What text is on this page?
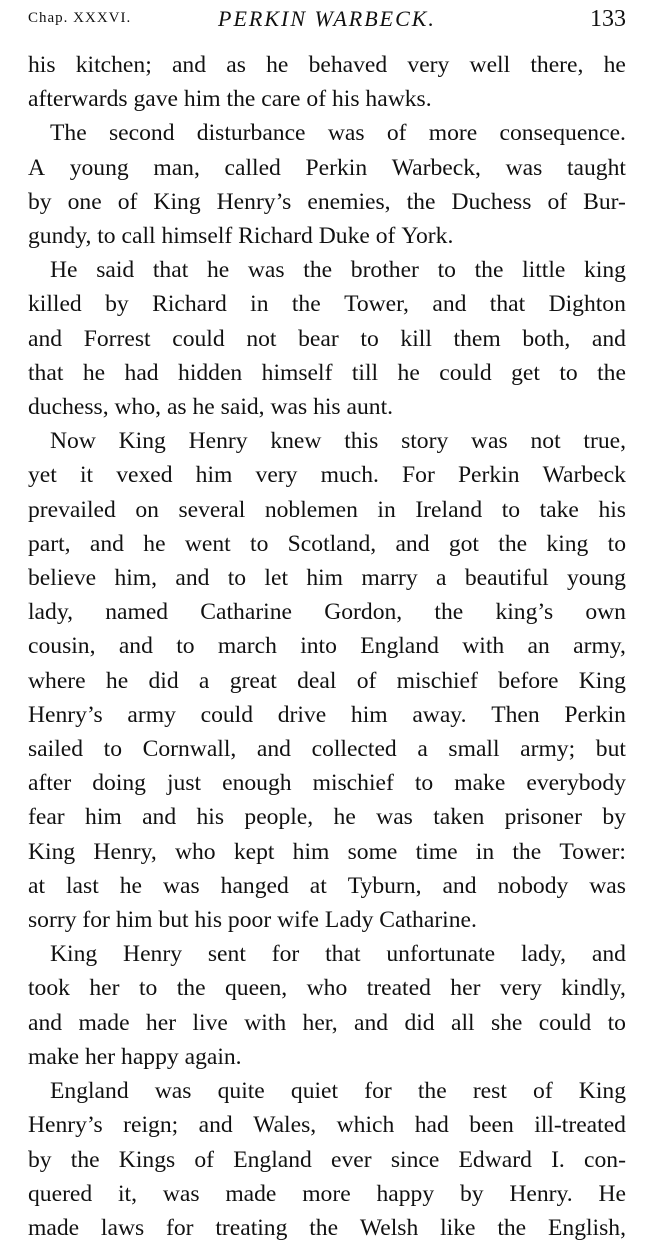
Chap. XXXVI.	PERKIN WARBECK.	133
his kitchen; and as he behaved very well there, he
afterwards gave him the care of his hawks.
The second disturbance was of more consequence.
A young man, called Perkin Warbeck, was taught
by one of King Henry’s enemies, the Duchess of Bur-
gundy, to call himself Richard Duke of York.
He said that he was the brother to the little king
killed by Richard in the Tower, and that Dighton
and Forrest could not bear to kill them both, and
that he had hidden himself till he could get to the
duchess, who, as he said, was his aunt.
Now King Henry knew this story was not true,
yet it vexed him very much. For Perkin Warbeck
prevailed on several noblemen in Ireland to take his
part, and he went to Scotland, and got the king to
believe him, and to let him marry a beautiful young
lady, named Catharine Gordon, the king’s own
cousin, and to march into England with an army,
where he did a great deal of mischief before King
Henry’s army could drive him away. Then Perkin
sailed to Cornwall, and collected a small army; but
after doing just enough mischief to make everybody
fear him and his people, he was taken prisoner by
King Henry, who kept him some time in the Tower:
at last he was hanged at Tyburn, and nobody was
sorry for him but his poor wife Lady Catharine.
King Henry sent for that unfortunate lady, and
took her to the queen, who treated her very kindly,
and made her live with her, and did all she could to
make her happy again.
England was quite quiet for the rest of King
Henry’s reign; and Wales, which had been ill-treated
by the Kings of England ever since Edward I. con-
quered it, was made more happy by Henry. He
made laws for treating the Welsh like the English,
